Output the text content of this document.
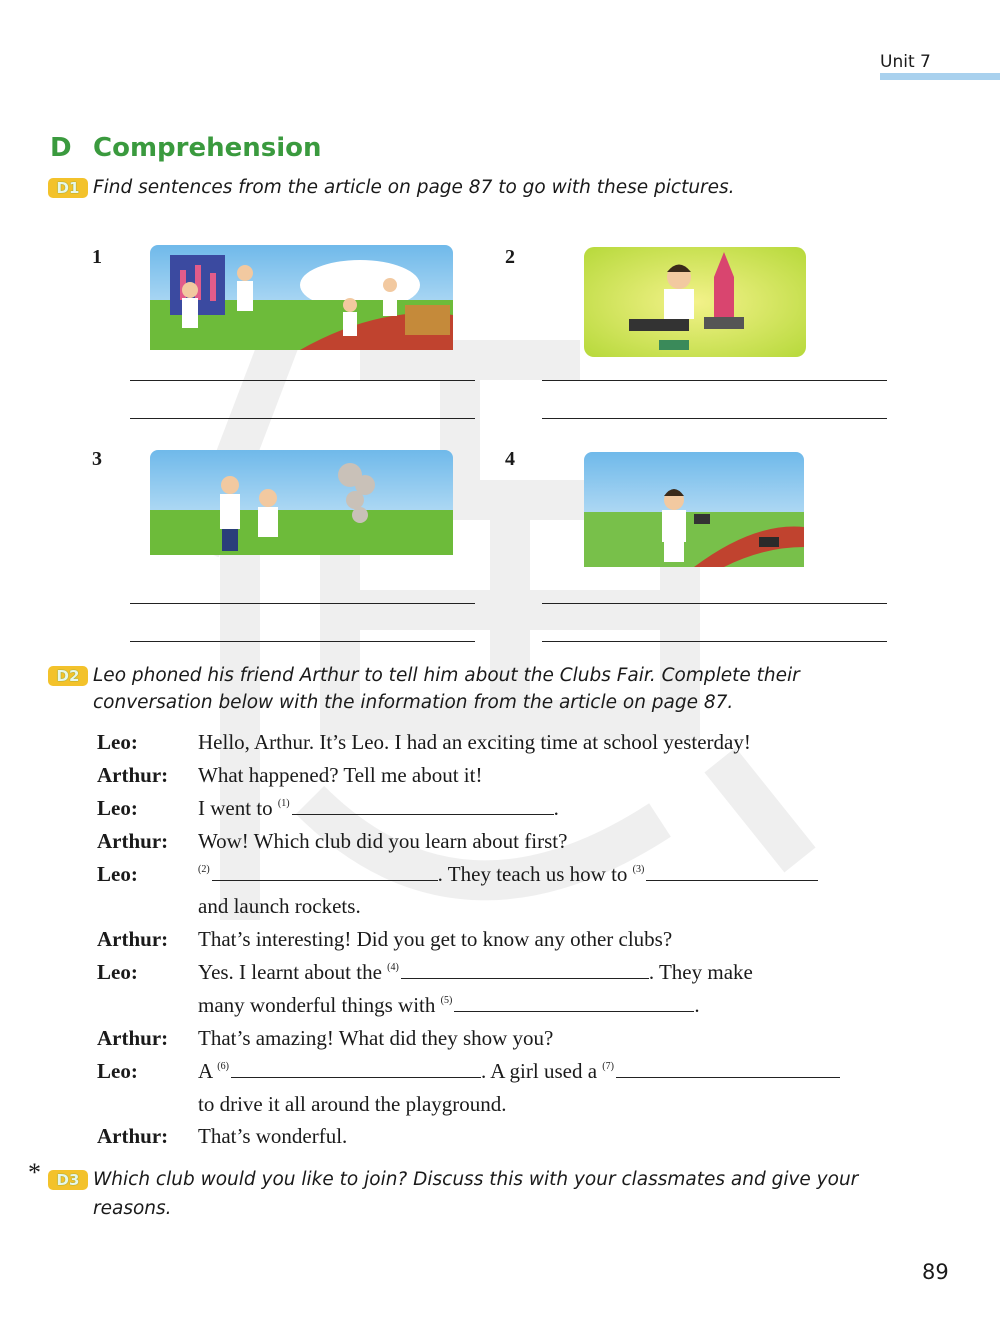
Unit 7
D Comprehension
D1 Find sentences from the article on page 87 to go with these pictures.
1	2
3	4
D2 Leo phoned his friend Arthur to tell him about the Clubs Fair. Complete their
conversation below with the information from the article on page 87.
Leo:	Hello, Arthur. It’s Leo. I had an exciting time at school yesterday!
Arthur: What happened? Tell me about it!
Leo:	I went to $^{(1)}$	.
Arthur: Wow! Which club did you learn about first?
Leo:	$^{(2)}$	. They teach us how to $^{(3)}$
and launch rockets.
Arthur: That’s interesting! Did you get to know any other clubs?
Leo:	Yes. I learnt about the $^{(4)}$	. They make
many wonderful things with $^{(5)}$	.
Arthur: That’s amazing! What did they show you?
Leo:	A $^{(6)}$	. A girl used a $^{(7)}$
to drive it all around the playground.
Arthur: That’s wonderful.
*	D3 Which club would you like to join? Discuss this with your classmates and give your
reasons.
89
